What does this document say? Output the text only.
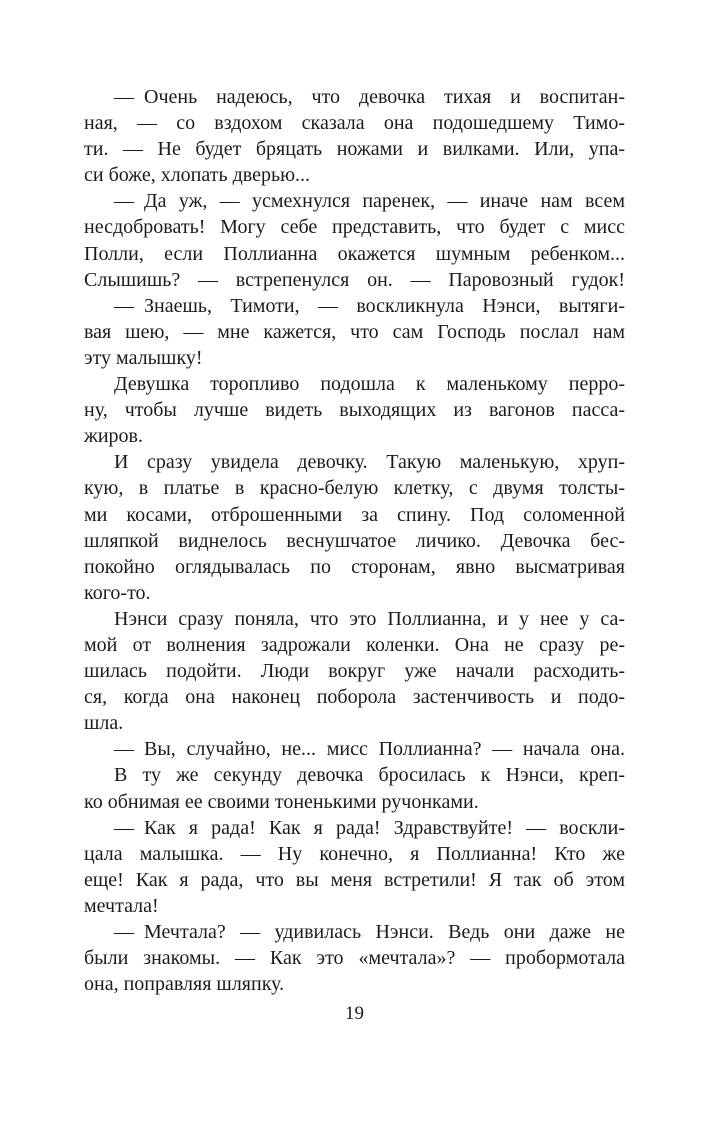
— Очень надеюсь, что девочка тихая и воспитан-
ная, — со вздохом сказала она подошедшему Тимо-
ти. — Не будет бряцать ножами и вилками. Или, упа-
си боже, хлопать дверью...

— Да уж, — усмехнулся паренек, — иначе нам всем
несдобровать! Могу себе представить, что будет с мисс
Полли, если Поллианна окажется шумным ребенком...
Слышишь? — встрепенулся он. — Паровозный гудок!

— Знаешь, Тимоти, — воскликнула Нэнси, вытяги-
вая шею, — мне кажется, что сам Господь послал нам
эту малышку!

Девушка торопливо подошла к маленькому перро-
ну, чтобы лучше видеть выходящих из вагонов пасса-
жиров.

И сразу увидела девочку. Такую маленькую, хруп-
кую, в платье в красно-белую клетку, с двумя толсты-
ми косами, отброшенными за спину. Под соломенной
шляпкой виднелось веснушчатое личико. Девочка бес-
покойно оглядывалась по сторонам, явно высматривая
кого-то.

Нэнси сразу поняла, что это Поллианна, и у нее у са-
мой от волнения задрожали коленки. Она не сразу ре-
шилась подойти. Люди вокруг уже начали расходить-
ся, когда она наконец поборола застенчивость и подо-
шла.

— Вы, случайно, не... мисс Поллианна? — начала она.

В ту же секунду девочка бросилась к Нэнси, креп-
ко обнимая ее своими тоненькими ручонками.

— Как я рада! Как я рада! Здравствуйте! — воскли-
цала малышка. — Ну конечно, я Поллианна! Кто же
еще! Как я рада, что вы меня встретили! Я так об этом
мечтала!

— Мечтала? — удивилась Нэнси. Ведь они даже не
были знакомы. — Как это «мечтала»? — пробормотала
она, поправляя шляпку.

19
